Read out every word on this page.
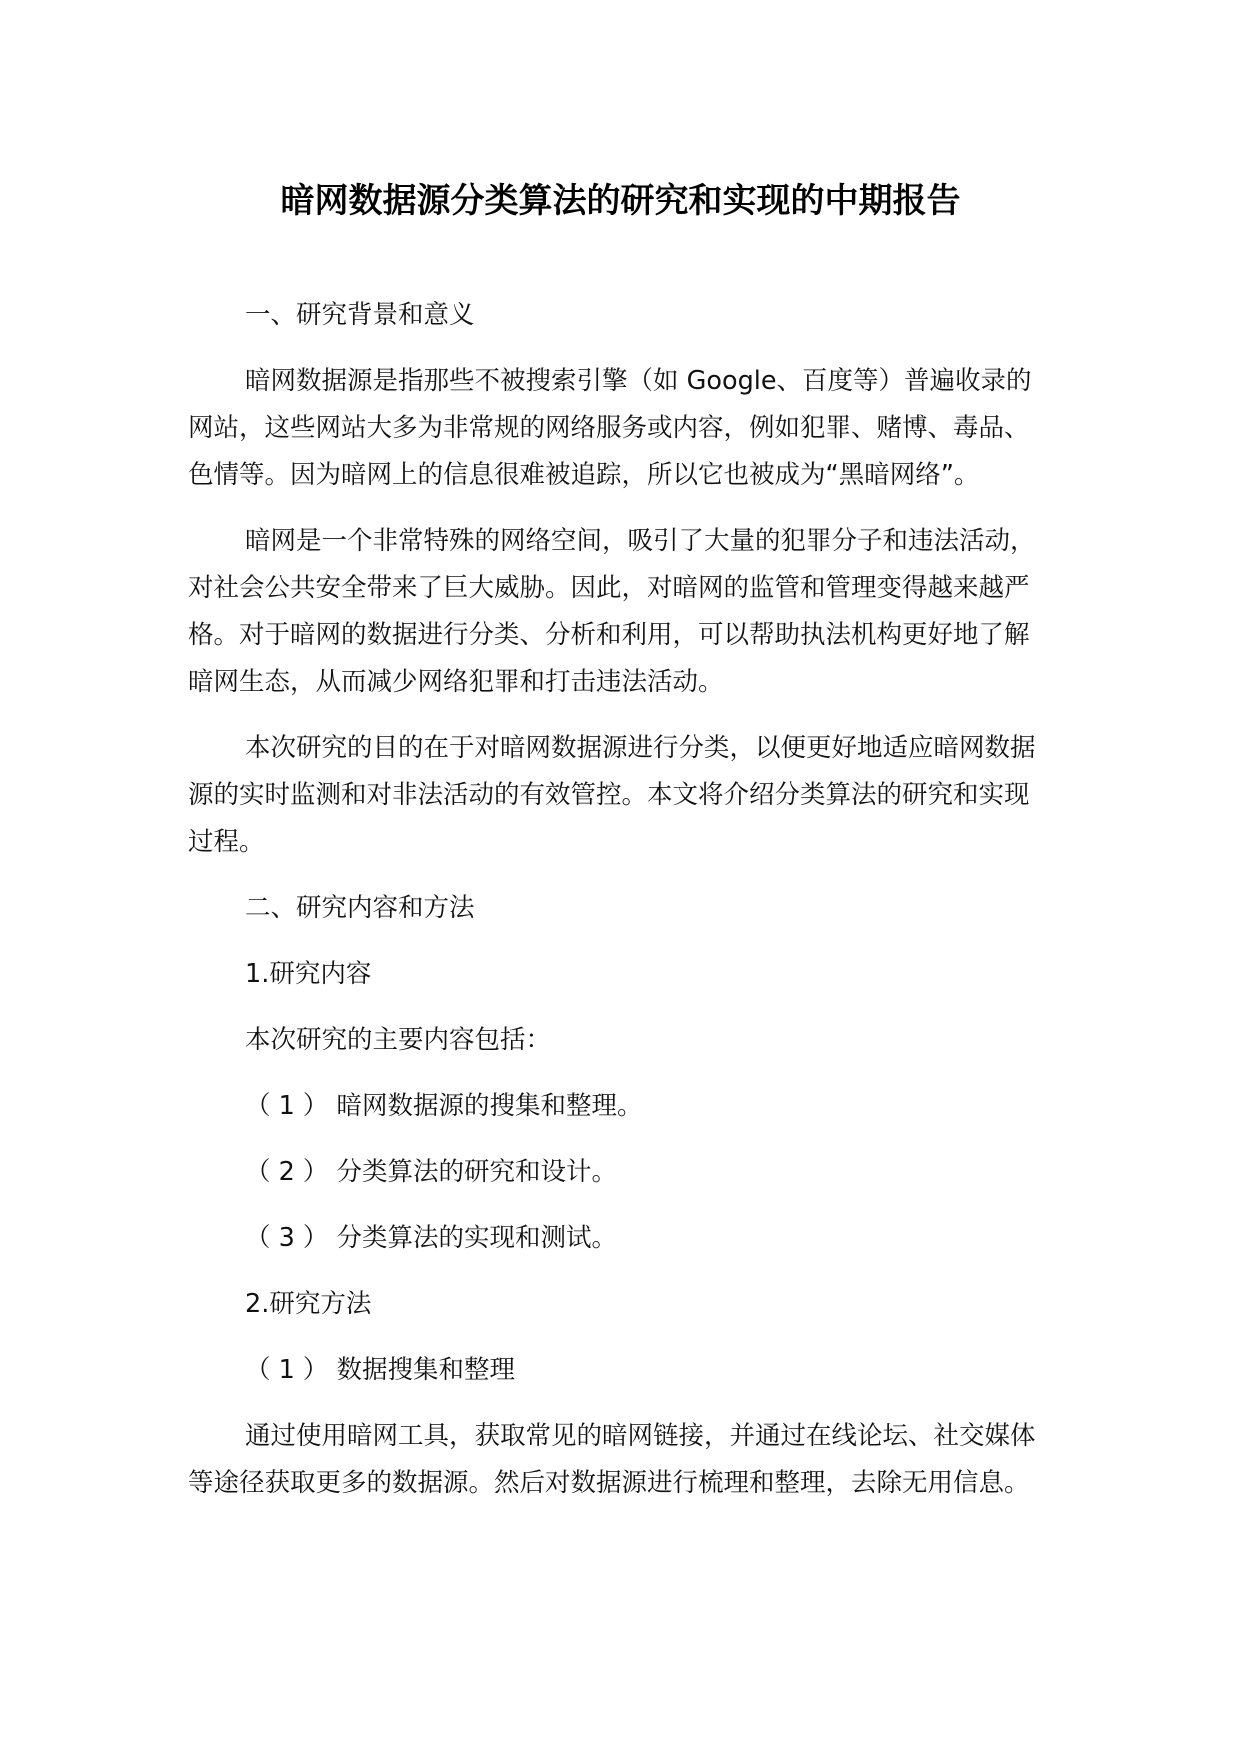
暗网数据源分类算法的研究和实现的中期报告

一、研究背景和意义

暗网数据源是指那些不被搜索引擎（如 Google、百度等）普遍收录的网站，这些网站大多为非常规的网络服务或内容，例如犯罪、赌博、毒品、色情等。因为暗网上的信息很难被追踪，所以它也被成为“黑暗网络”。

暗网是一个非常特殊的网络空间，吸引了大量的犯罪分子和违法活动，对社会公共安全带来了巨大威胁。因此，对暗网的监管和管理变得越来越严格。对于暗网的数据进行分类、分析和利用，可以帮助执法机构更好地了解暗网生态，从而减少网络犯罪和打击违法活动。

本次研究的目的在于对暗网数据源进行分类，以便更好地适应暗网数据源的实时监测和对非法活动的有效管控。本文将介绍分类算法的研究和实现过程。

二、研究内容和方法

1.研究内容

本次研究的主要内容包括：

（ 1 ） 暗网数据源的搜集和整理。

（ 2 ） 分类算法的研究和设计。

（ 3 ） 分类算法的实现和测试。

2.研究方法

（ 1 ） 数据搜集和整理

通过使用暗网工具，获取常见的暗网链接，并通过在线论坛、社交媒体等途径获取更多的数据源。然后对数据源进行梳理和整理，去除无用信息。
